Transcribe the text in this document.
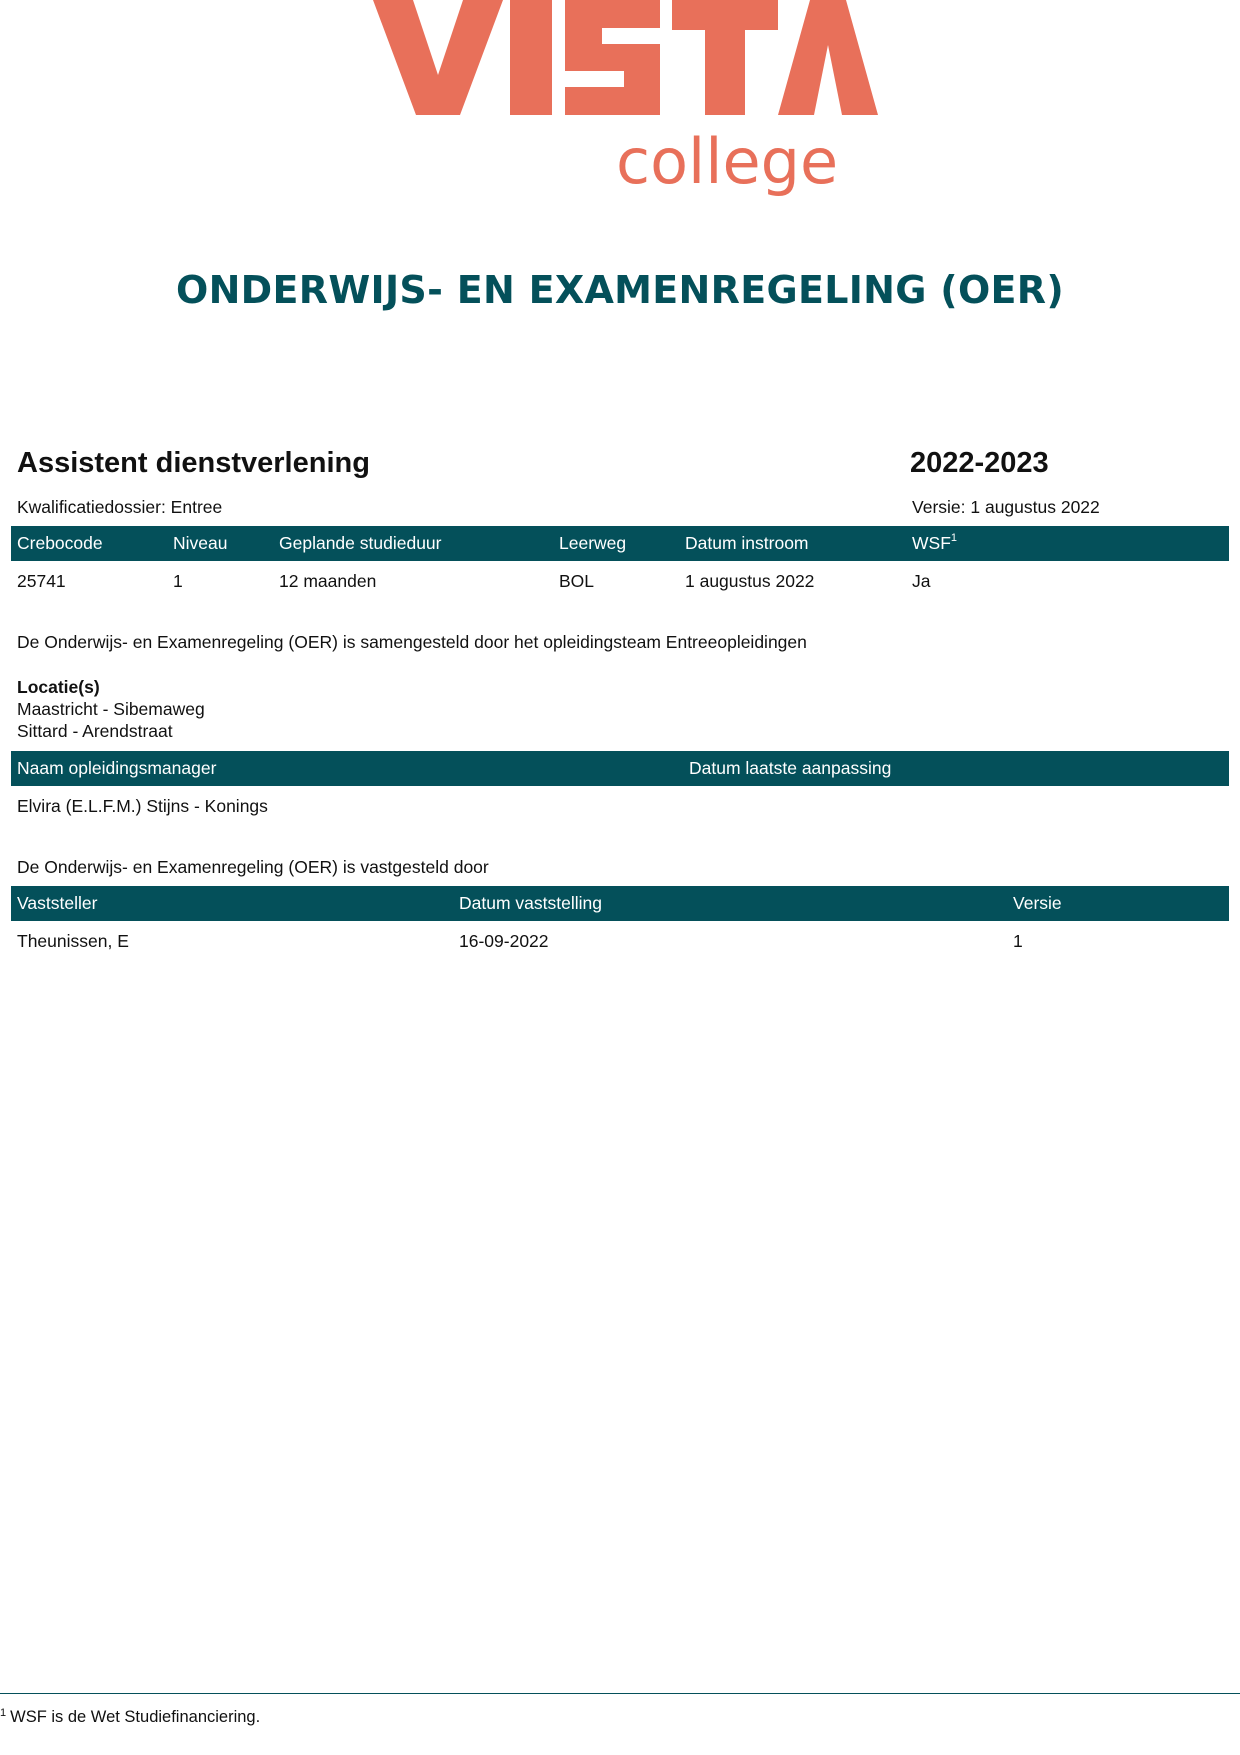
college
ONDERWIJS- EN EXAMENREGELING (OER)
Assistent dienstverlening	2022-2023
Kwalificatiedossier: Entree	Versie: 1 augustus 2022
Crebocode	Niveau	Geplande studieduur	Leerweg	Datum instroom	WSF$^1$
25741	1	12 maanden	BOL	1 augustus 2022	Ja
De Onderwijs- en Examenregeling (OER) is samengesteld door het opleidingsteam Entreeopleidingen
Locatie(s)
Maastricht - Sibemaweg
Sittard - Arendstraat
Naam opleidingsmanager	Datum laatste aanpassing
Elvira (E.L.F.M.) Stijns - Konings
De Onderwijs- en Examenregeling (OER) is vastgesteld door
Vaststeller	Datum vaststelling	Versie
Theunissen, E	16-09-2022	1
$^1$ WSF is de Wet Studiefinanciering.
